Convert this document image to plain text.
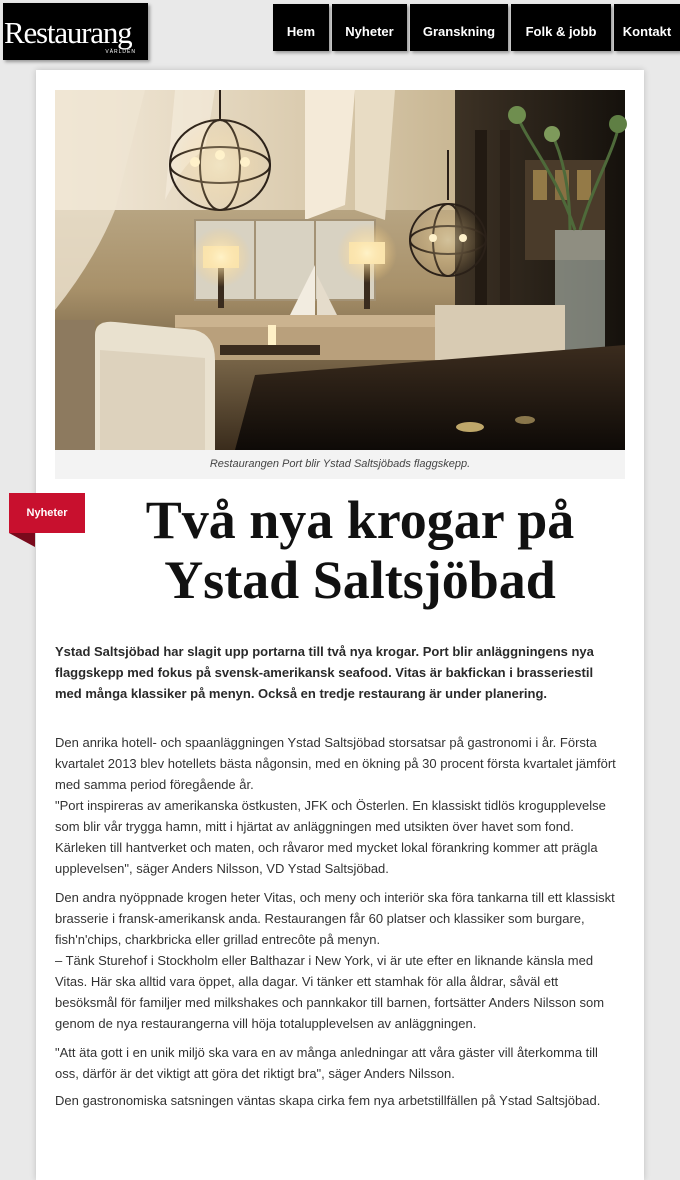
Restaurang
VÄRLDEN
Hem	Nyheter	Granskning	Folk & jobb	Kontakt
Restaurangen Port blir Ystad Saltsjöbads flaggskepp.
Nyheter	Två nya krogar på Ystad Saltsjöbad

Ystad Saltsjöbad har slagit upp portarna till två nya krogar. Port blir anläggningens nya flaggskepp med fokus på svensk-amerikansk seafood. Vitas är bakfickan i brasseriestil med många klassiker på menyn. Också en tredje restaurang är under planering.

Den anrika hotell- och spaanläggningen Ystad Saltsjöbad storsatsar på gastronomi i år. Första kvartalet 2013 blev hotellets bästa någonsin, med en ökning på 30 procent första kvartalet jämfört med samma period föregående år.

"Port inspireras av amerikanska östkusten, JFK och Österlen. En klassiskt tidlös krogupplevelse som blir vår trygga hamn, mitt i hjärtat av anläggningen med utsikten över havet som fond. Kärleken till hantverket och maten, och råvaror med mycket lokal förankring kommer att prägla upplevelsen", säger Anders Nilsson, VD Ystad Saltsjöbad.

Den andra nyöppnade krogen heter Vitas, och meny och interiör ska föra tankarna till ett klassiskt brasserie i fransk-amerikansk anda. Restaurangen får 60 platser och klassiker som burgare, fish'n'chips, charkbricka eller grillad entrecôte på menyn.

– Tänk Sturehof i Stockholm eller Balthazar i New York, vi är ute efter en liknande känsla med Vitas. Här ska alltid vara öppet, alla dagar. Vi tänker ett stamhak för alla åldrar, såväl ett besöksmål för familjer med milkshakes och pannkakor till barnen, fortsätter Anders Nilsson som genom de nya restaurangerna vill höja totalupplevelsen av anläggningen.

"Att äta gott i en unik miljö ska vara en av många anledningar att våra gäster vill återkomma till oss, därför är det viktigt att göra det riktigt bra", säger Anders Nilsson.

Den gastronomiska satsningen väntas skapa cirka fem nya arbetstillfällen på Ystad Saltsjöbad.
